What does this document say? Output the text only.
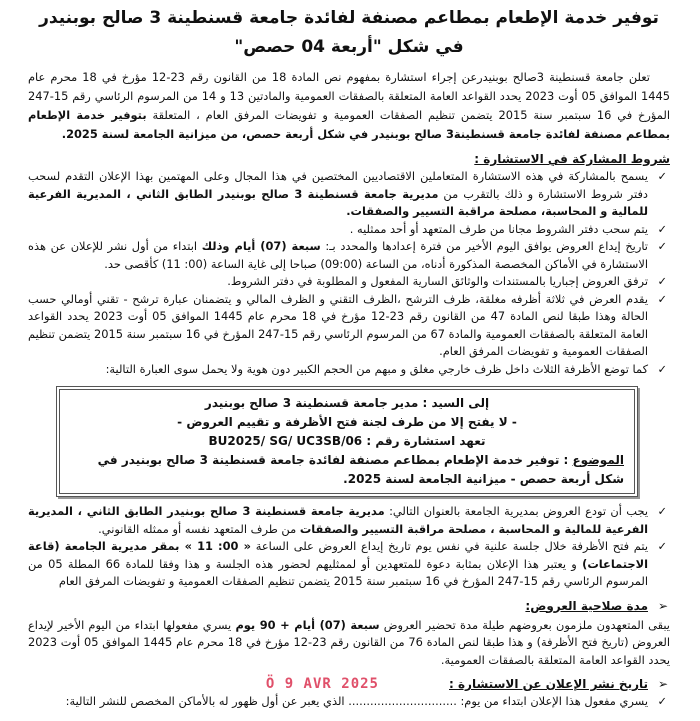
توفير خدمة الإطعام بمطاعم مصنفة لفائدة جامعة قسنطينة 3 صالح بوبنيدر
في شكل "أربعة 04 حصص"

تعلن جامعة قسنطينة 3صالح بوبنيدرعن إجراء استشارة بمفهوم نص المادة 18 من القانون رقم 23-12 مؤرخ في 18 محرم عام 1445 الموافق 05 أوت 2023 يحدد القواعد العامة المتعلقة بالصفقات العمومية والمادتين 13 و 14 من المرسوم الرئاسي رقم 15-247 المؤرخ في 16 سبتمبر سنة 2015 يتضمن تنظيم الصفقات العمومية و تفويضات المرفق العام ، المتعلقة بتوفير خدمة الإطعام بمطاعم مصنفة لفائدة جامعة قسنطينة3 صالح بوبنيدر في شكل أربعة حصص، من ميزانية الجامعة لسنة 2025.

شروط المشاركة في الاستشارة :
✓
يسمح بالمشاركة في هذه الاستشارة المتعاملين الاقتصاديين المختصين في هذا المجال وعلى المهتمين بهذا الإعلان التقدم لسحب دفتر شروط الاستشارة و ذلك بالتقرب من مديرية جامعة قسنطينة 3 صالح بوبنيدر الطابق الثاني ، المديرية الفرعية للمالية و المحاسبة، مصلحة مراقبة التسيير والصفقات.
✓
يتم سحب دفتر الشروط مجانا من طرف المتعهد أو أحد ممثليه .
✓
تاريخ إيداع العروض يوافق اليوم الأخير من فترة إعدادها والمحدد بـ: سبعة (07) أيام وذلك ابتداء من أول نشر للإعلان عن هذه الاستشارة في الأماكن المخصصة المذكورة أدناه، من الساعة (09:00) صباحا إلى غاية الساعة (00: 11) كأقصى حد.
✓
ترفق العروض إجباريا بالمستندات والوثائق السارية المفعول و المطلوبة في دفتر الشروط.
✓
يقدم العرض في ثلاثة أظرفه مغلقة، ظرف الترشح ،الظرف التقني و الظرف المالي و يتضمنان عبارة ترشح - تقني أومالي حسب الحالة وهذا طبقا لنص المادة 47 من القانون رقم 23-12 مؤرخ في 18 محرم عام 1445 الموافق 05 أوت 2023 يحدد القواعد العامة المتعلقة بالصفقات العمومية والمادة 67 من المرسوم الرئاسي رقم 15-247 المؤرخ في 16 سبتمبر سنة 2015 يتضمن تنظيم الصفقات العمومية و تفويضات المرفق العام.
✓
كما توضع الأظرفة الثلاث داخل ظرف خارجي مغلق و مبهم من الحجم الكبير دون هوية ولا يحمل سوى العبارة التالية:
إلى السيد : مدير جامعة قسنطينة 3 صالح بوبنيدر
- لا يفتح إلا من طرف لجنة فتح الأظرفة و تقييم العروض -
تعهد استشارة رقم : BU2025/ SG/ UC3SB/06
الموضوع : توفير خدمة الإطعام بمطاعم مصنفة لفائدة جامعة قسنطينة 3 صالح بوبنيدر في شكل أربعة حصص - ميزانية الجامعة لسنة 2025.
✓
يجب أن تودع العروض بمديرية الجامعة بالعنوان التالي: مديرية جامعة قسنطينة 3 صالح بوبنيدر الطابق الثاني ، المديرية الفرعية للمالية و المحاسبة ، مصلحة مراقبة التسيير والصفقات من طرف المتعهد نفسه أو ممثله القانوني.
✓
يتم فتح الأظرفة خلال جلسة علنية في نفس يوم تاريخ إيداع العروض على الساعة « 00: 11 » بمقر مديرية الجامعة (قاعة الاجتماعات) و يعتبر هذا الإعلان بمثابة دعوة للمتعهدين أو لممثليهم لحضور هذه الجلسة و هذا وفقا للمادة 66 المطلة 05 من المرسوم الرئاسي رقم 15-247 المؤرخ في 16 سبتمبر سنة 2015 يتضمن تنظيم الصفقات العمومية و تفويضات المرفق العام
➢
مدة صلاحية العروض:

يبقى المتعهدون ملزمون بعروضهم طيلة مدة تحضير العروض سبعة (07) أيام + 90 يوم يسري مفعولها ابتداء من اليوم الأخير لإيداع العروض (تاريخ فتح الأظرفة) و هذا طبقا لنص المادة 76 من القانون رقم 23-12 مؤرخ في 18 محرم عام 1445 الموافق 05 أوت 2023 يحدد القواعد العامة المتعلقة بالصفقات العمومية.

➢
تاريخ نشر الإعلان عن الاستشارة :
Ö 9 AVR 2025
✓
يسري مفعول هذا الإعلان ابتداء من يوم: .............................. الذي يعبر عن أول ظهور له بالأماكن المخصص للنشر التالية:
